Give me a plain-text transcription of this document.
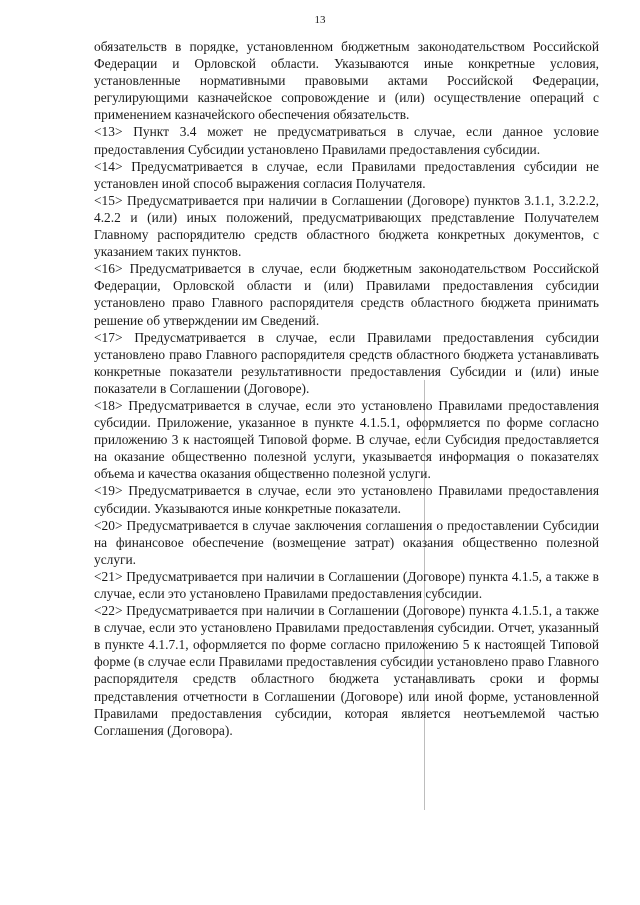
13

обязательств в порядке, установленном бюджетным законодательством Российской Федерации и Орловской области. Указываются иные конкретные условия, установленные нормативными правовыми актами Российской Федерации, регулирующими казначейское сопровождение и (или) осуществление операций с применением казначейского обеспечения обязательств.

<13> Пункт 3.4 может не предусматриваться в случае, если данное условие предоставления Субсидии установлено Правилами предоставления субсидии.

<14> Предусматривается в случае, если Правилами предоставления субсидии не установлен иной способ выражения согласия Получателя.

<15> Предусматривается при наличии в Соглашении (Договоре) пунктов 3.1.1, 3.2.2.2, 4.2.2 и (или) иных положений, предусматривающих представление Получателем Главному распорядителю средств областного бюджета конкретных документов, с указанием таких пунктов.

<16> Предусматривается в случае, если бюджетным законодательством Российской Федерации, Орловской области и (или) Правилами предоставления субсидии установлено право Главного распорядителя средств областного бюджета принимать решение об утверждении им Сведений.

<17> Предусматривается в случае, если Правилами предоставления субсидии установлено право Главного распорядителя средств областного бюджета устанавливать конкретные показатели результативности предоставления Субсидии и (или) иные показатели в Соглашении (Договоре).

<18> Предусматривается в случае, если это установлено Правилами предоставления субсидии. Приложение, указанное в пункте 4.1.5.1, оформляется по форме согласно приложению 3 к настоящей Типовой форме. В случае, если Субсидия предоставляется на оказание общественно полезной услуги, указывается информация о показателях объема и качества оказания общественно полезной услуги.

<19> Предусматривается в случае, если это установлено Правилами предоставления субсидии. Указываются иные конкретные показатели.

<20> Предусматривается в случае заключения соглашения о предоставлении Субсидии на финансовое обеспечение (возмещение затрат) оказания общественно полезной услуги.

<21> Предусматривается при наличии в Соглашении (Договоре) пункта 4.1.5, а также в случае, если это установлено Правилами предоставления субсидии.

<22> Предусматривается при наличии в Соглашении (Договоре) пункта 4.1.5.1, а также в случае, если это установлено Правилами предоставления субсидии. Отчет, указанный в пункте 4.1.7.1, оформляется по форме согласно приложению 5 к настоящей Типовой форме (в случае если Правилами предоставления субсидии установлено право Главного распорядителя средств областного бюджета устанавливать сроки и формы представления отчетности в Соглашении (Договоре) или иной форме, установленной Правилами предоставления субсидии, которая является неотъемлемой частью Соглашения (Договора).
